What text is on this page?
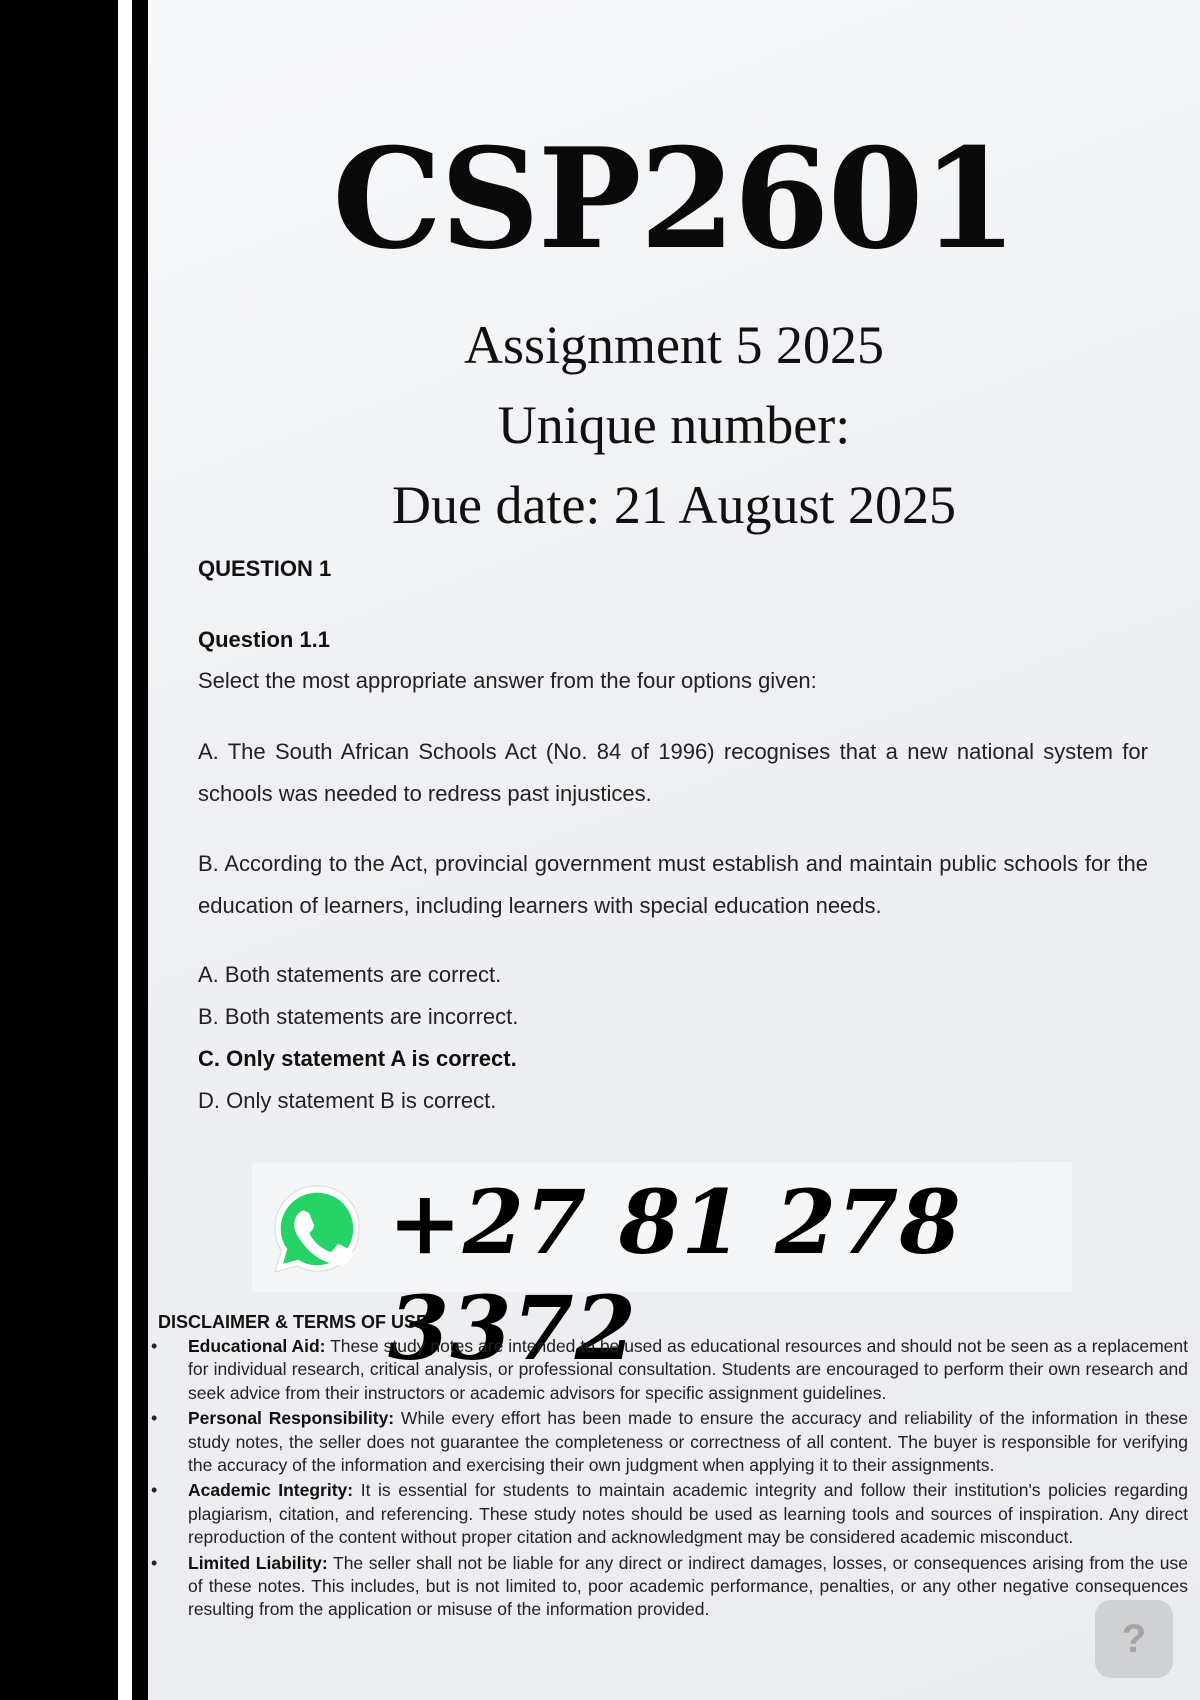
CSP2601
Assignment 5 2025
Unique number:
Due date: 21 August 2025
QUESTION 1
Question 1.1
Select the most appropriate answer from the four options given:
A. The South African Schools Act (No. 84 of 1996) recognises that a new national system for schools was needed to redress past injustices.
B. According to the Act, provincial government must establish and maintain public schools for the education of learners, including learners with special education needs.
A. Both statements are correct.
B. Both statements are incorrect.
C. Only statement A is correct.
D. Only statement B is correct.
+27 81 278 3372
DISCLAIMER & TERMS OF USE
• Educational Aid: These study notes are intended to be used as educational resources and should not be seen as a replacement for individual research, critical analysis, or professional consultation. Students are encouraged to perform their own research and seek advice from their instructors or academic advisors for specific assignment guidelines.
• Personal Responsibility: While every effort has been made to ensure the accuracy and reliability of the information in these study notes, the seller does not guarantee the completeness or correctness of all content. The buyer is responsible for verifying the accuracy of the information and exercising their own judgment when applying it to their assignments.
• Academic Integrity: It is essential for students to maintain academic integrity and follow their institution's policies regarding plagiarism, citation, and referencing. These study notes should be used as learning tools and sources of inspiration. Any direct reproduction of the content without proper citation and acknowledgment may be considered academic misconduct.
• Limited Liability: The seller shall not be liable for any direct or indirect damages, losses, or consequences arising from the use of these notes. This includes, but is not limited to, poor academic performance, penalties, or any other negative consequences resulting from the application or misuse of the information provided.
?
